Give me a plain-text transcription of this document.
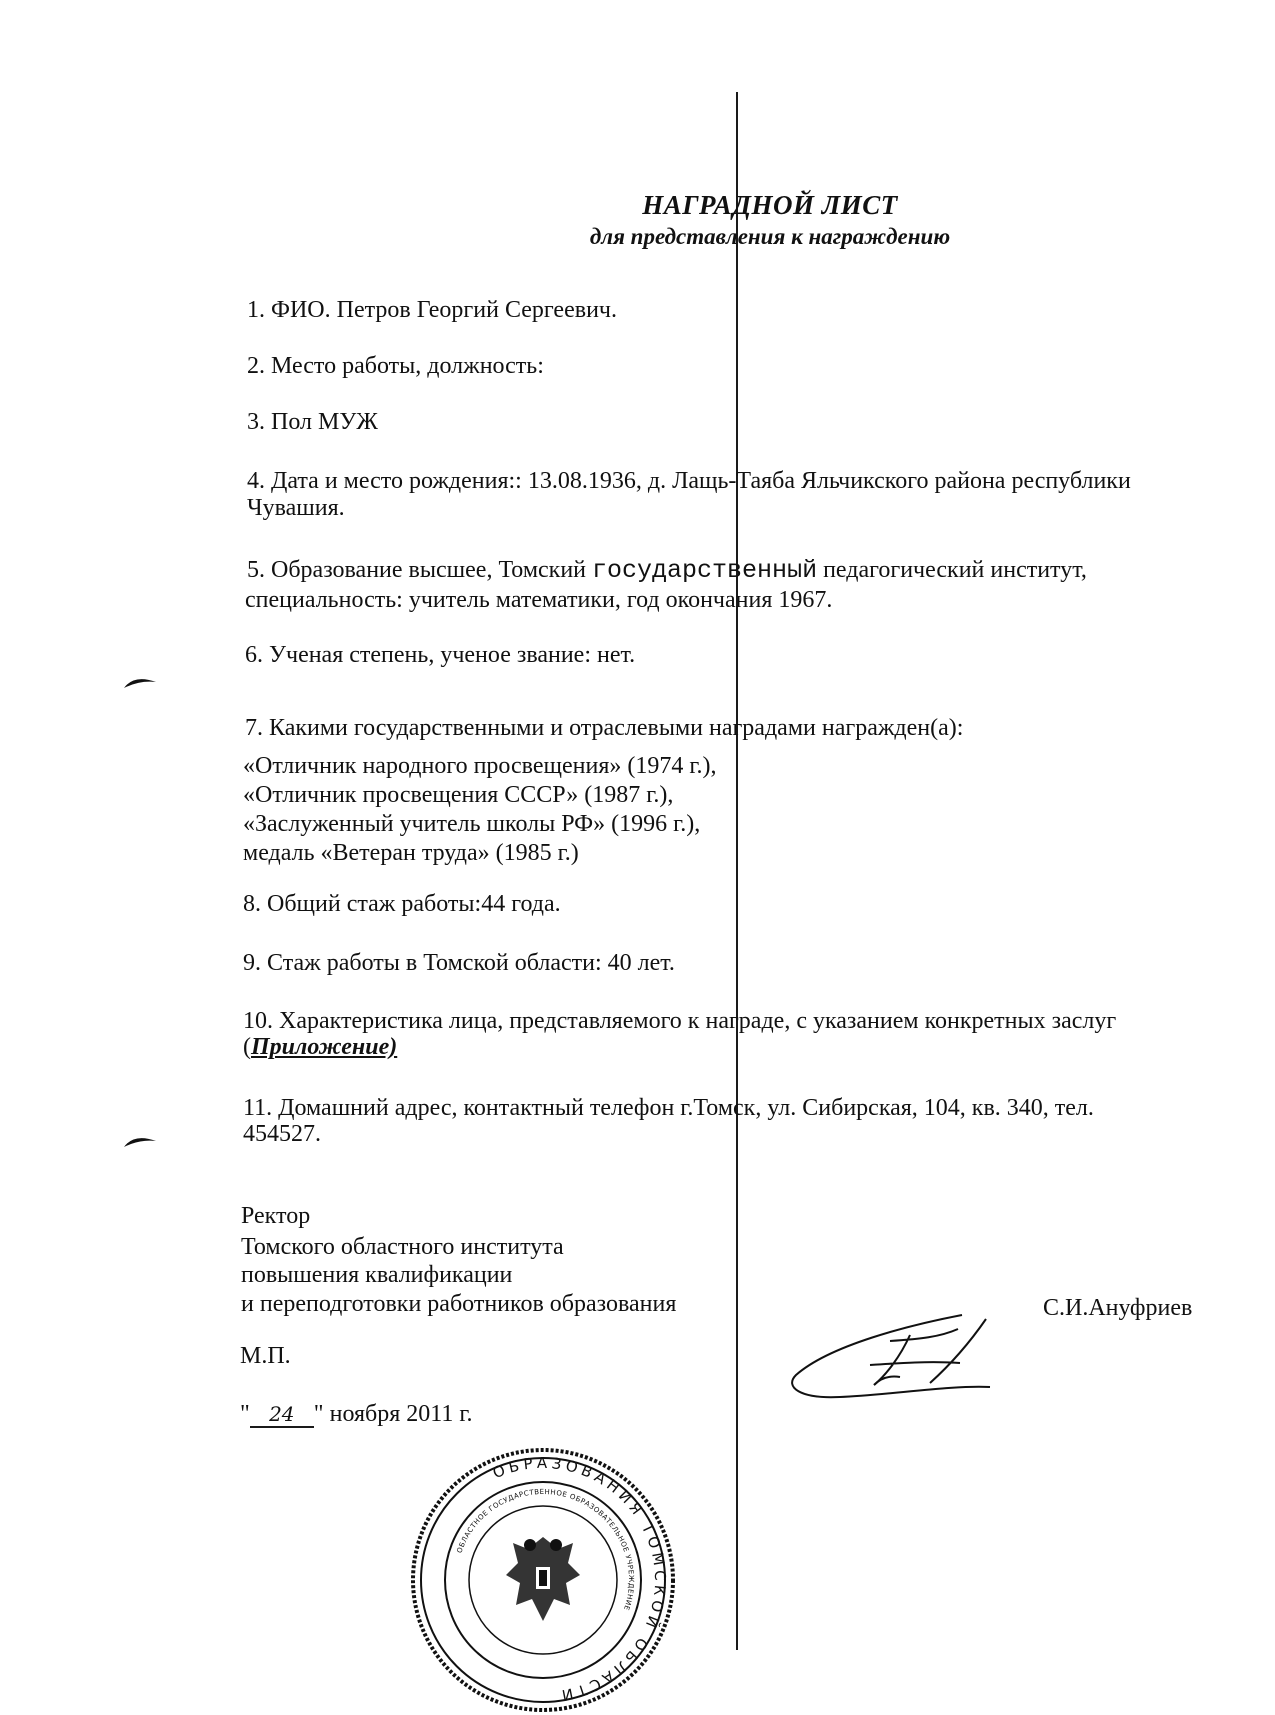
НАГРАДНОЙ ЛИСТ
для представления к награждению
1. ФИО. Петров Георгий Сергеевич.
2. Место работы, должность:
3. Пол МУЖ
4. Дата и место рождения:: 13.08.1936, д. Лащь-Таяба Яльчикского района республики
Чувашия.
5. Образование высшее, Томский государственный педагогический институт,
специальность: учитель математики, год окончания 1967.
6. Ученая степень, ученое звание: нет.
7. Какими государственными и отраслевыми наградами награжден(а):
«Отличник народного просвещения» (1974 г.),
«Отличник просвещения СССР» (1987 г.),
«Заслуженный учитель школы РФ» (1996 г.),
медаль «Ветеран труда» (1985 г.)
8. Общий стаж работы:44 года.
9. Стаж работы в Томской области: 40 лет.
10. Характеристика лица, представляемого к награде, с указанием конкретных заслуг
(Приложение)
11. Домашний адрес, контактный телефон г.Томск, ул. Сибирская, 104, кв. 340, тел.
454527.
Ректор
Томского областного института
повышения квалификации
и переподготовки работников образования	С.И.Ануфриев
М.П.
" 24 " ноября 2011 г.
ОБРАЗОВАНИЯ ТОМСКОЙ ОБЛАСТИ
ОБЛАСТНОЕ ГОСУДАРСТВЕННОЕ ОБРАЗОВАТЕЛЬНОЕ УЧРЕЖДЕНИЕ
